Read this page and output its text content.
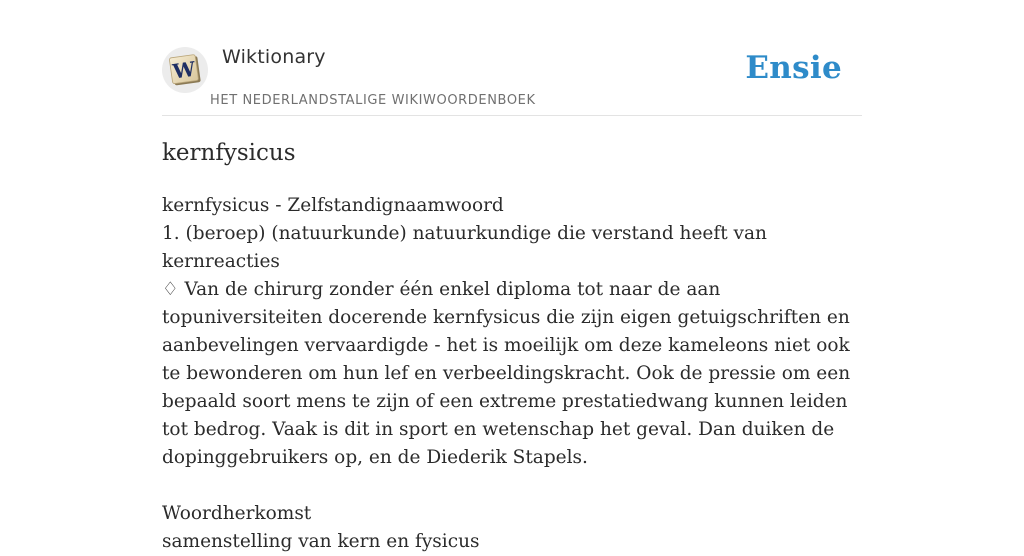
W Wiktionary
HET NEDERLANDSTALIGE WIKIWOORDENBOEK
Ensie
kernfysicus

kernfysicus - Zelfstandignaamwoord

1. (beroep) (natuurkunde) natuurkundige die verstand heeft van kernreacties

♢ Van de chirurg zonder één enkel diploma tot naar de aan topuniversiteiten docerende kernfysicus die zijn eigen getuigschriften en aanbevelingen vervaardigde - het is moeilijk om deze kameleons niet ook te bewonderen om hun lef en verbeeldingskracht. Ook de pressie om een bepaald soort mens te zijn of een extreme prestatiedwang kunnen leiden tot bedrog. Vaak is dit in sport en wetenschap het geval. Dan duiken de dopinggebruikers op, en de Diederik Stapels.

Woordherkomst

samenstelling van kern en fysicus
